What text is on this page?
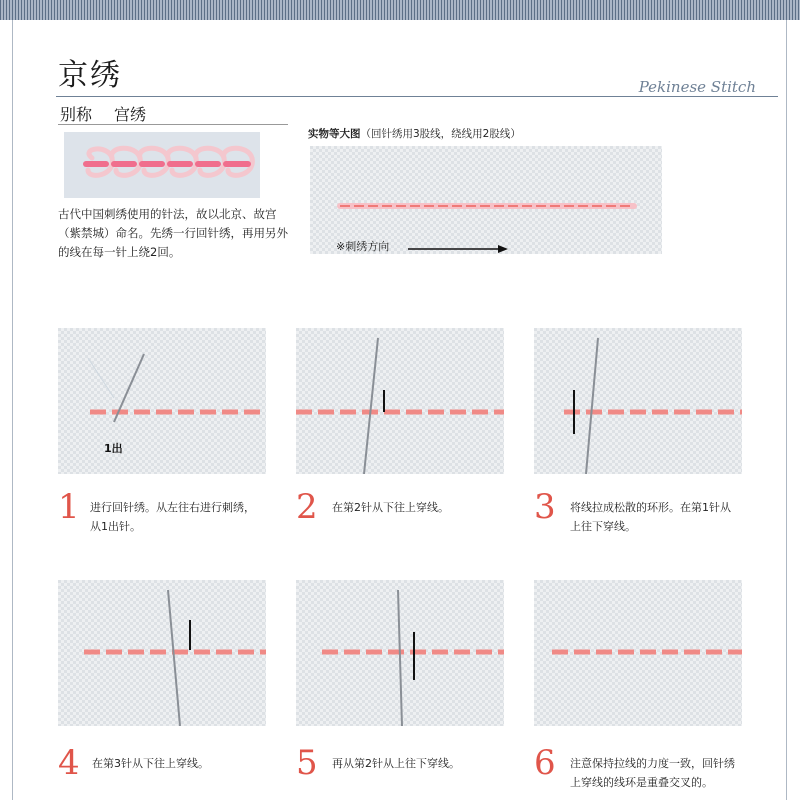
京绣	Pekinese Stitch
别称 宫绣
古代中国刺绣使用的针法，故以北京、故宫（紫禁城）命名。先绣一行回针绣，再用另外的线在每一针上绕2回。
实物等大图（回针绣用3股线，绕线用2股线）
※刺绣方向
1出
1 进行回针绣。从左往右进行刺绣，从1出针。	2 在第2针从下往上穿线。	3 将线拉成松散的环形。在第1针从上往下穿线。
4 在第3针从下往上穿线。	5 再从第2针从上往下穿线。	6 注意保持拉线的力度一致，回针绣上穿线的线环是重叠交叉的。
